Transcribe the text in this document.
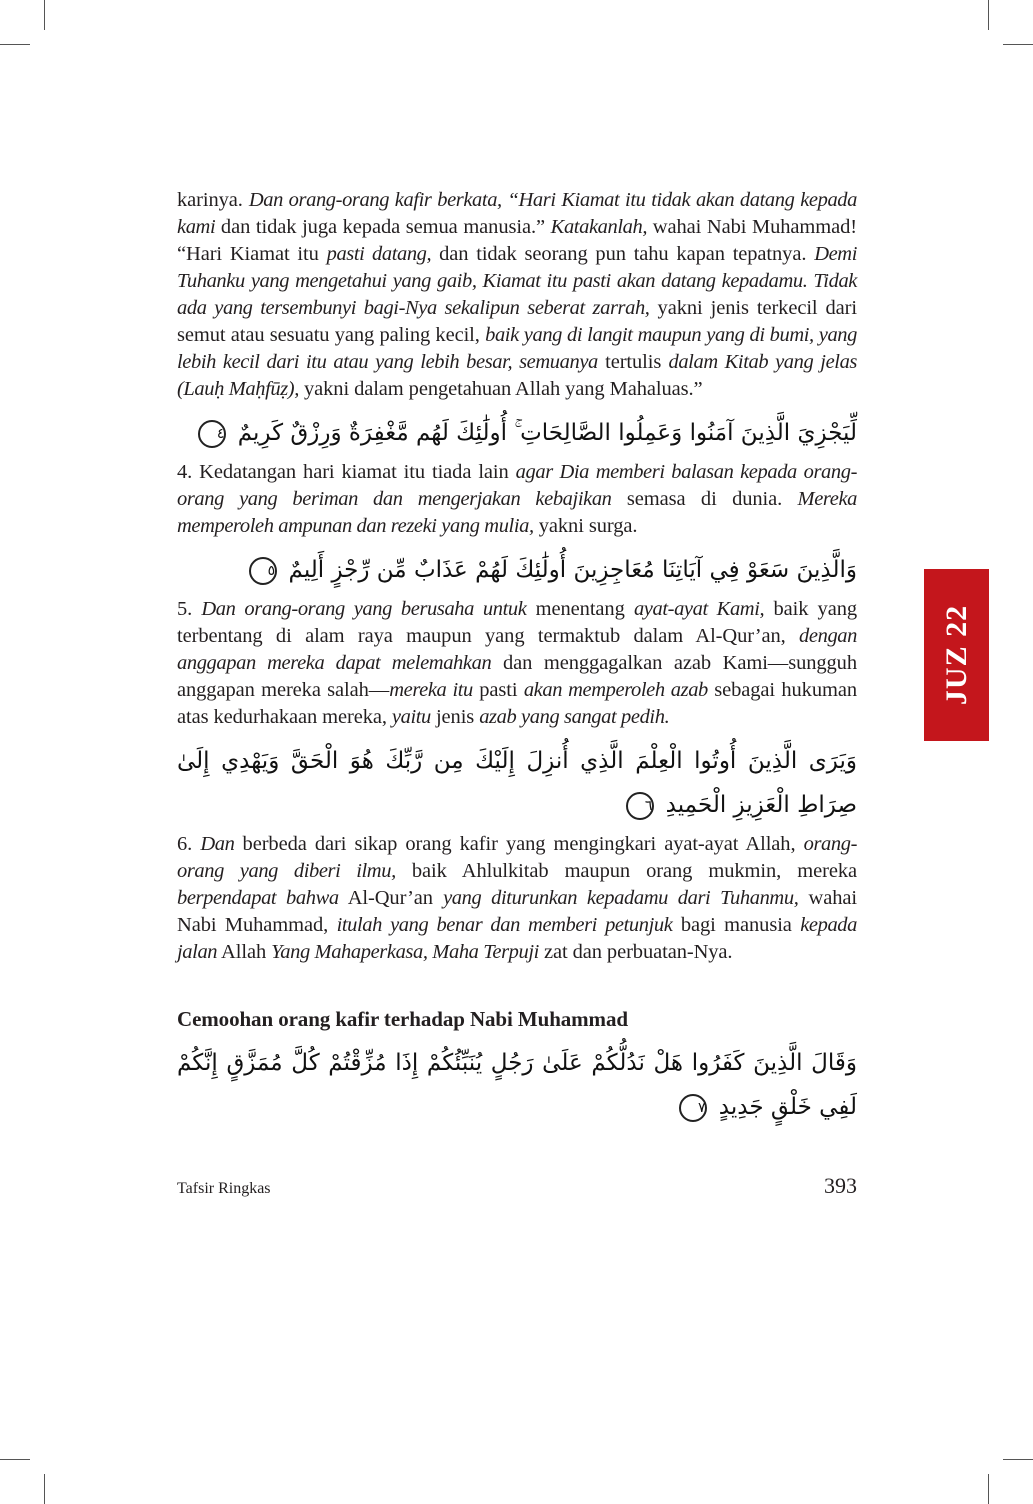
karinya. Dan orang-orang kafir berkata, “Hari Kiamat itu tidak akan datang kepada kami dan tidak juga kepada semua manusia.” Katakanlah, wahai Nabi Muhammad! “Hari Kiamat itu pasti datang, dan tidak seorang pun tahu kapan tepatnya. Demi Tuhanku yang mengetahui yang gaib, Kiamat itu pasti akan datang kepadamu. Tidak ada yang tersembunyi bagi-Nya sekalipun seberat zarrah, yakni jenis terkecil dari semut atau sesuatu yang paling kecil, baik yang di langit maupun yang di bumi, yang lebih kecil dari itu atau yang lebih besar, semuanya tertulis dalam Kitab yang jelas (Lauḥ Maḥfūẓ), yakni dalam pengetahuan Allah yang Mahaluas.”
لِّيَجْزِيَ الَّذِينَ آمَنُوا وَعَمِلُوا الصَّالِحَاتِ ۚ أُولَٰئِكَ لَهُم مَّغْفِرَةٌ وَرِزْقٌ كَرِيمٌ ٤
4. Kedatangan hari kiamat itu tiada lain agar Dia memberi balasan kepada orang-orang yang beriman dan mengerjakan kebajikan semasa di dunia. Mereka memperoleh ampunan dan rezeki yang mulia, yakni surga.
وَالَّذِينَ سَعَوْ فِي آيَاتِنَا مُعَاجِزِينَ أُولَٰئِكَ لَهُمْ عَذَابٌ مِّن رِّجْزٍ أَلِيمٌ ٥
5. Dan orang-orang yang berusaha untuk menentang ayat-ayat Kami, baik yang terbentang di alam raya maupun yang termaktub dalam Al-Qur’an, dengan anggapan mereka dapat melemahkan dan menggagalkan azab Kami—sungguh anggapan mereka salah—mereka itu pasti akan memperoleh azab sebagai hukuman atas kedurhakaan mereka, yaitu jenis azab yang sangat pedih.
وَيَرَى الَّذِينَ أُوتُوا الْعِلْمَ الَّذِي أُنزِلَ إِلَيْكَ مِن رَّبِّكَ هُوَ الْحَقَّ وَيَهْدِي إِلَىٰ صِرَاطِ الْعَزِيزِ الْحَمِيدِ ٦
6. Dan berbeda dari sikap orang kafir yang mengingkari ayat-ayat Allah, orang-orang yang diberi ilmu, baik Ahlulkitab maupun orang mukmin, mereka berpendapat bahwa Al-Qur’an yang diturunkan kepadamu dari Tuhanmu, wahai Nabi Muhammad, itulah yang benar dan memberi petunjuk bagi manusia kepada jalan Allah Yang Mahaperkasa, Maha Terpuji zat dan perbuatan-Nya.
Cemoohan orang kafir terhadap Nabi Muhammad
وَقَالَ الَّذِينَ كَفَرُوا هَلْ نَدُلُّكُمْ عَلَىٰ رَجُلٍ يُنَبِّئُكُمْ إِذَا مُزِّقْتُمْ كُلَّ مُمَزَّقٍ إِنَّكُمْ لَفِي خَلْقٍ جَدِيدٍ ٧
Tafsir Ringkas	393
JUZ 22
